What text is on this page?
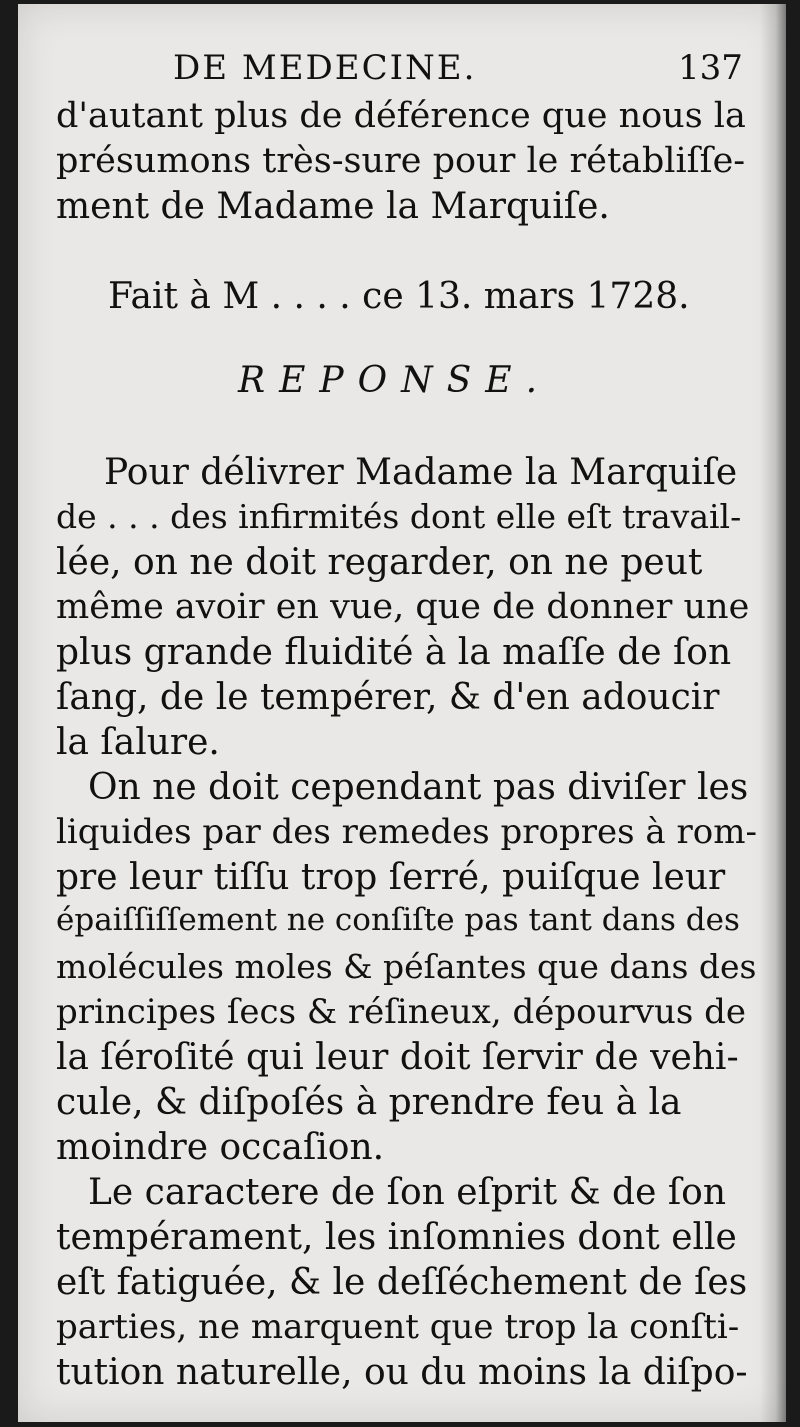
DE MEDECINE.	137
d'autant plus de déférence que nous la
présumons très-sure pour le rétabliſſe-
ment de Madame la Marquiſe.
Fait à M . . . . ce 13. mars 1728.
REPONSE.
Pour délivrer Madame la Marquiſe
de . . . des infirmités dont elle eſt travail-
lée, on ne doit regarder, on ne peut
même avoir en vue, que de donner une
plus grande fluidité à la maſſe de ſon
ſang, de le tempérer, & d'en adoucir
la ſalure.
On ne doit cependant pas diviſer les
liquides par des remedes propres à rom-
pre leur tiſſu trop ſerré, puiſque leur
épaiſſiſſement ne conſiſte pas tant dans des
molécules moles & péſantes que dans des
principes ſecs & réſineux, dépourvus de
la ſéroſité qui leur doit ſervir de vehi-
cule, & diſpoſés à prendre feu à la
moindre occaſion.
Le caractere de ſon eſprit & de ſon
tempérament, les inſomnies dont elle
eſt fatiguée, & le deſſéchement de ſes
parties, ne marquent que trop la conſti-
tution naturelle, ou du moins la diſpo-
